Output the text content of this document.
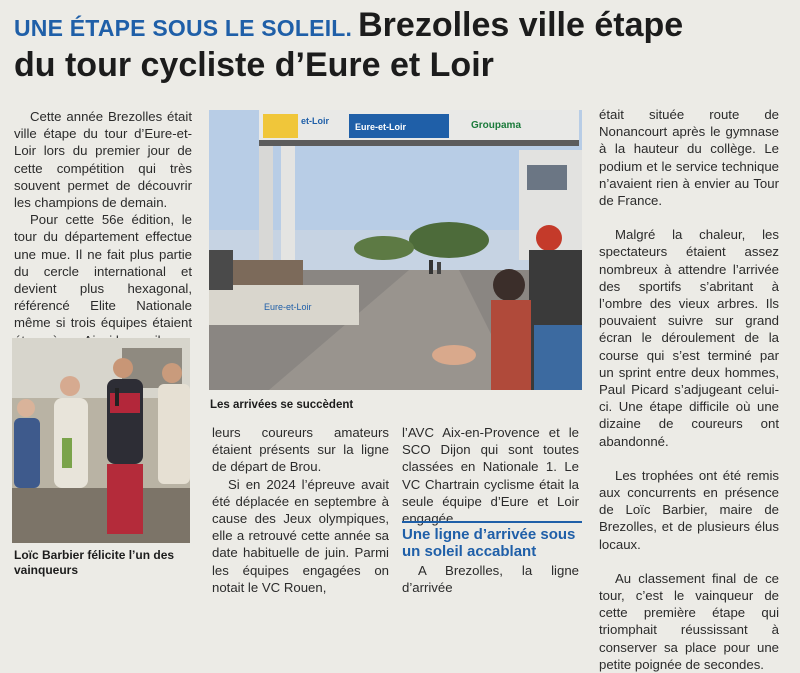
UNE ÉTAPE SOUS LE SOLEIL. Brezolles ville étape
du tour cycliste d’Eure et Loir

Cette année Brezolles était ville étape du tour d’Eure-et-Loir lors du premier jour de cette compétition qui très souvent permet de découvrir les champions de demain.

Pour cette 56e édition, le tour du département effectue une mue. Il ne fait plus partie du cercle international et devient plus hexagonal, référencé Elite Nationale même si trois équipes étaient

Loïc Barbier félicite l’un des vainqueurs
Eure-et-Loir
et-Loir
Eure-et-Loir	Groupama
Les arrivées se succèdent

leurs coureurs amateurs étaient présents sur la ligne de départ de Brou.

Si en 2024 l’épreuve avait été déplacée en septembre à cause des Jeux olympiques, elle a retrouvé cette année sa date habituelle de juin. Parmi les équipes engagées on notait le VC Rouen,

l’AVC Aix-en-Provence et le SCO Dijon qui sont toutes classées en Nationale 1. Le VC Chartrain cyclisme était la seule équipe d’Eure et Loir engagée.

Une ligne d’arrivée sous un soleil accablant

A Brezolles, la ligne d’arrivée

était située route de Nonancourt après le gymnase à la hauteur du collège. Le podium et le service technique n’avaient rien à envier au Tour de France.

Malgré la chaleur, les spectateurs étaient assez nombreux à attendre l’arrivée des sportifs s’abritant à l’ombre des vieux arbres. Ils pouvaient suivre sur grand écran le déroulement de la course qui s’est terminé par un sprint entre deux hommes, Paul Picard s’adjugeant celui-ci. Une étape difficile où une dizaine de coureurs ont abandonné.

Les trophées ont été remis aux concurrents en présence de Loïc Barbier, maire de Brezolles, et de plusieurs élus locaux.

Au classement final de ce tour, c’est le vainqueur de cette première étape qui triomphait réussissant à conserver sa place pour une petite poignée de secondes.
